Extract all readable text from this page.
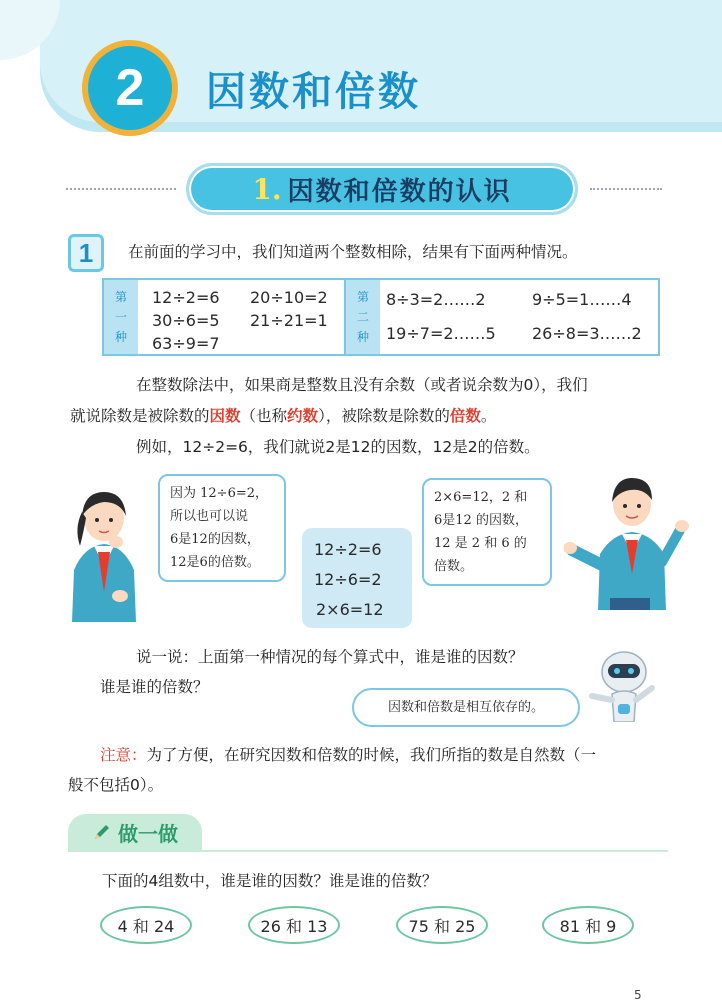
2	因数和倍数
1. 因数和倍数的认识
1	在前面的学习中，我们知道两个整数相除，结果有下面两种情况。
第
一
种
12÷2=6 20÷10=2
30÷6=5 21÷21=1
63÷9=7
第
二
种
8÷3=2……2	9÷5=1……4
19÷7=2……5 26÷8=3……2
在整数除法中，如果商是整数且没有余数（或者说余数为0），我们
就说除数是被除数的因数（也称约数），被除数是除数的倍数。
例如，12÷2=6，我们就说2是12的因数，12是2的倍数。
因为 12÷6=2，
所以也可以说
6是12的因数，
12是6的倍数。
12÷2=6
12÷6=2
2×6=12
2×6=12，2 和
6是12 的因数，
12 是 2 和 6 的
倍数。
说一说：上面第一种情况的每个算式中，谁是谁的因数？
谁是谁的倍数？
因数和倍数是相互依存的。
注意：为了方便，在研究因数和倍数的时候，我们所指的数是自然数（一
般不包括0）。
做一做
下面的4组数中，谁是谁的因数？谁是谁的倍数？
4 和 24	26 和 13	75 和 25	81 和 9
5
